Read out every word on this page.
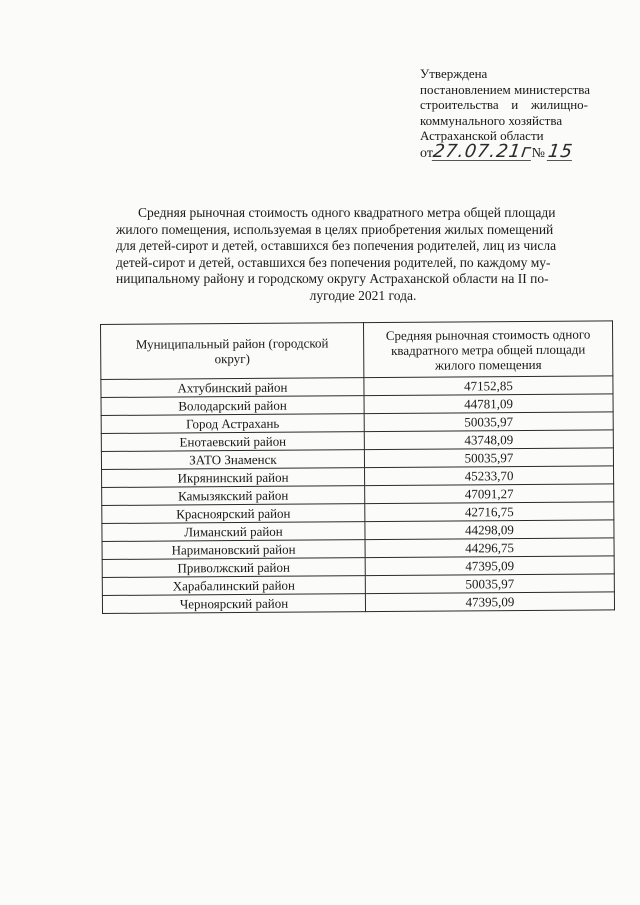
Утверждена
постановлением министерства
строительства и жилищно-
коммунального хозяйства
Астраханской области
от27.07.21г№ 15
Средняя рыночная стоимость одного квадратного метра общей площади
жилого помещения, используемая в целях приобретения жилых помещений
для детей-сирот и детей, оставшихся без попечения родителей, лиц из числа
детей-сирот и детей, оставшихся без попечения родителей, по каждому му-
ниципальному району и городскому округу Астраханской области на II по-
лугодие 2021 года.
Муниципальный район (городской
округ)	Средняя рыночная стоимость одного
квадратного метра общей площади
жилого помещения

Ахтубинский район	47152,85
Володарский район	44781,09
Город Астрахань	50035,97
Енотаевский район	43748,09
ЗАТО Знаменск	50035,97
Икрянинский район	45233,70
Камызякский район	47091,27
Красноярский район	42716,75
Лиманский район	44298,09
Наримановский район	44296,75
Приволжский район	47395,09
Харабалинский район	50035,97
Черноярский район	47395,09
